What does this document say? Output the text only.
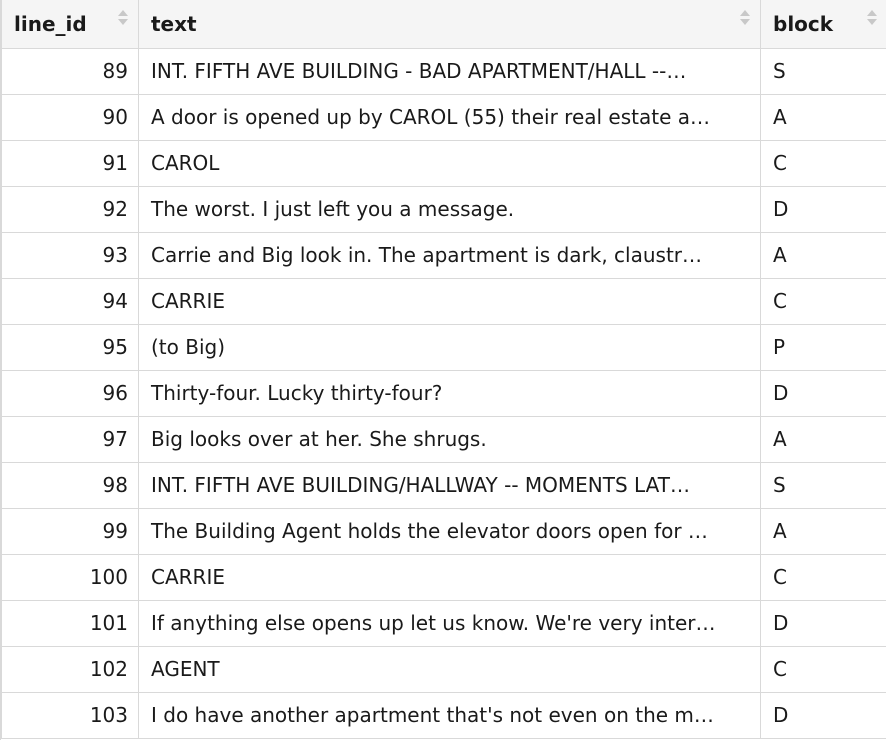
line_id	text	block

89	INT. FIFTH AVE BUILDING - BAD APARTMENT/HALL --…	S
90	A door is opened up by CAROL (55) their real estate a…	A
91	CAROL	C
92	The worst. I just left you a message.	D
93	Carrie and Big look in. The apartment is dark, claustr…	A
94	CARRIE	C
95	(to Big)	P
96	Thirty-four. Lucky thirty-four?	D
97	Big looks over at her. She shrugs.	A
98	INT. FIFTH AVE BUILDING/HALLWAY -- MOMENTS LAT…	S
99	The Building Agent holds the elevator doors open for …	A
100	CARRIE	C
101	If anything else opens up let us know. We're very inter…	D
102	AGENT	C
103	I do have another apartment that's not even on the m…	D
